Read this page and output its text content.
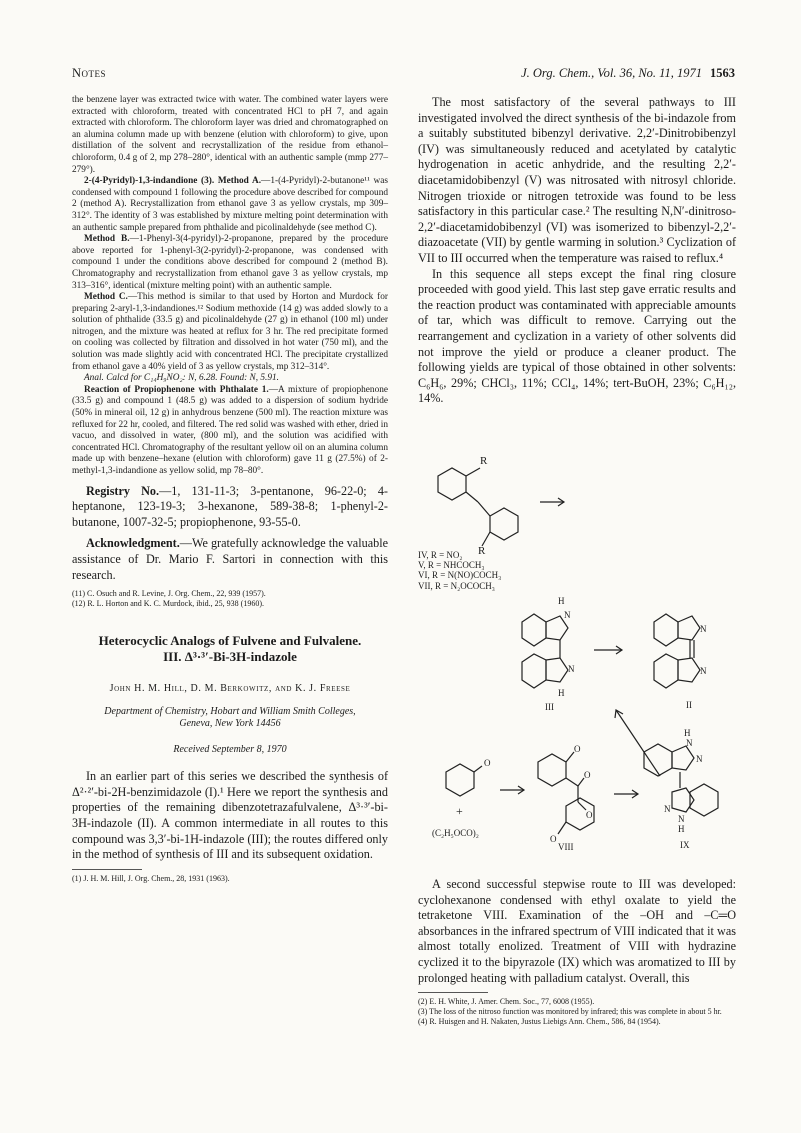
Notes	J. Org. Chem., Vol. 36, No. 11, 1971 1563

the benzene layer was extracted twice with water. The combined water layers were extracted with chloroform, treated with concentrated HCl to pH 7, and again extracted with chloroform. The chloroform layer was dried and chromatographed on an alumina column made up with benzene (elution with chloroform) to give, upon distillation of the solvent and recrystallization of the residue from ethanol–chloroform, 0.4 g of 2, mp 278–280°, identical with an authentic sample (mmp 277–279°).

2-(4-Pyridyl)-1,3-indandione (3). Method A.—1-(4-Pyridyl)-2-butanone¹¹ was condensed with compound 1 following the procedure above described for compound 2 (method A). Recrystallization from ethanol gave 3 as yellow crystals, mp 309–312°. The identity of 3 was established by mixture melting point determination with an authentic sample prepared from phthalide and picolinaldehyde (see method C).

Method B.—1-Phenyl-3(4-pyridyl)-2-propanone, prepared by the procedure above reported for 1-phenyl-3(2-pyridyl)-2-propanone, was condensed with compound 1 under the conditions above described for compound 2 (method B). Chromatography and recrystallization from ethanol gave 3 as yellow crystals, mp 313–316°, identical (mixture melting point) with an authentic sample.

Method C.—This method is similar to that used by Horton and Murdock for preparing 2-aryl-1,3-indandiones.¹² Sodium methoxide (14 g) was added slowly to a solution of phthalide (33.5 g) and picolinaldehyde (27 g) in ethanol (100 ml) under nitrogen, and the mixture was heated at reflux for 3 hr. The red precipitate formed on cooling was collected by filtration and dissolved in hot water (750 ml), and the solution was made slightly acid with concentrated HCl. The precipitate crystallized from ethanol gave a 40% yield of 3 as yellow crystals, mp 312–314°.

Anal. Calcd for C₁₄H₉NO₂: N, 6.28. Found: N, 5.91.

Reaction of Propiophenone with Phthalate 1.—A mixture of propiophenone (33.5 g) and compound 1 (48.5 g) was added to a dispersion of sodium hydride (50% in mineral oil, 12 g) in anhydrous benzene (500 ml). The reaction mixture was refluxed for 22 hr, cooled, and filtered. The red solid was washed with ether, dried in vacuo, and dissolved in water, (800 ml), and the solution was acidified with concentrated HCl. Chromatography of the resultant yellow oil on an alumina column made up with benzene–hexane (elution with chloroform) gave 11 g (27.5%) of 2-methyl-1,3-indandione as yellow solid, mp 78–80°.

Registry No.—1, 131-11-3; 3-pentanone, 96-22-0; 4-heptanone, 123-19-3; 3-hexanone, 589-38-8; 1-phenyl-2-butanone, 1007-32-5; propiophenone, 93-55-0.

Acknowledgment.—We gratefully acknowledge the valuable assistance of Dr. Mario F. Sartori in connection with this research.

(11) C. Osuch and R. Levine, J. Org. Chem., 22, 939 (1957).

(12) R. L. Horton and K. C. Murdock, ibid., 25, 938 (1960).

Heterocyclic Analogs of Fulvene and Fulvalene.
III. Δ³·³′-Bi-3H-indazole
John H. M. Hill, D. M. Berkowitz, and K. J. Freese
Department of Chemistry, Hobart and William Smith Colleges,
Geneva, New York 14456
Received September 8, 1970

In an earlier part of this series we described the synthesis of Δ²·²′-bi-2H-benzimidazole (I).¹ Here we report the synthesis and properties of the remaining dibenzotetrazafulvalene, Δ³·³′-bi-3H-indazole (II). A common intermediate in all routes to this compound was 3,3′-bi-1H-indazole (III); the routes differed only in the method of synthesis of III and its subsequent oxidation.

(1) J. H. M. Hill, J. Org. Chem., 28, 1931 (1963).

The most satisfactory of the several pathways to III investigated involved the direct synthesis of the bi-indazole from a suitably substituted bibenzyl derivative. 2,2′-Dinitrobibenzyl (IV) was simultaneously reduced and acetylated by catalytic hydrogenation in acetic anhydride, and the resulting 2,2′-diacetamidobibenzyl (V) was nitrosated with nitrosyl chloride. Nitrogen trioxide or nitrogen tetroxide was found to be less satisfactory in this particular case.² The resulting N,N′-dinitroso-2,2′-diacetamidobibenzyl (VI) was isomerized to bibenzyl-2,2′-diazoacetate (VII) by gentle warming in solution.³ Cyclization of VII to III occurred when the temperature was raised to reflux.⁴

In this sequence all steps except the final ring closure proceeded with good yield. This last step gave erratic results and the reaction product was contaminated with appreciable amounts of tar, which was difficult to remove. Carrying out the rearrangement and cyclization in a variety of other solvents did not improve the yield or produce a cleaner product. The following yields are typical of those obtained in other solvents: C₆H₆, 29%; CHCl₃, 11%; CCl₄, 14%; tert-BuOH, 23%; C₆H₁₂, 14%.

R
R
IV, R = NO₂
V, R = NHCOCH₃
VI, R = N(NO)COCH₃
VII, R = N₂OCOCH₃
H
N
N
H
III
N
N
II
O
+
(C₂H₅OCO)₂
O
O
O
O
VIII
H
N
N
N
N
H
IX

A second successful stepwise route to III was developed: cyclohexanone condensed with ethyl oxalate to yield the tetraketone VIII. Examination of the –OH and –C═O absorbances in the infrared spectrum of VIII indicated that it was almost totally enolized. Treatment of VIII with hydrazine cyclized it to the bipyrazole (IX) which was aromatized to III by prolonged heating with palladium catalyst. Overall, this

(2) E. H. White, J. Amer. Chem. Soc., 77, 6008 (1955).

(3) The loss of the nitroso function was monitored by infrared; this was complete in about 5 hr.

(4) R. Huisgen and H. Nakaten, Justus Liebigs Ann. Chem., 586, 84 (1954).
